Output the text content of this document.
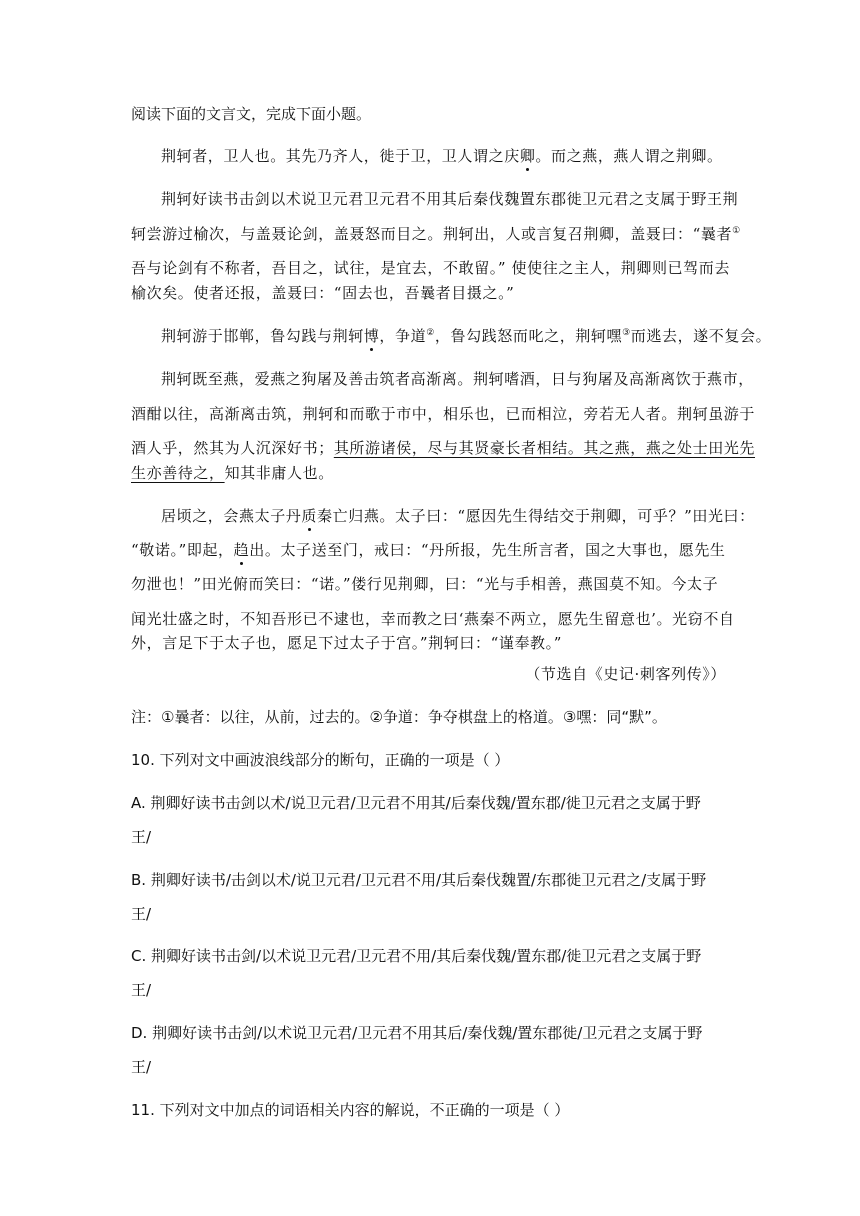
阅读下面的文言文，完成下面小题。
荆轲者，卫人也。其先乃齐人，徙于卫，卫人谓之庆卿。而之燕，燕人谓之荆卿。
荆轲好读书击剑以术说卫元君卫元君不用其后秦伐魏置东郡徙卫元君之支属于野王荆
轲尝游过榆次，与盖聂论剑，盖聂怒而目之。荆轲出，人或言复召荆卿，盖聂曰：“曩者①
吾与论剑有不称者，吾目之，试往，是宜去，不敢留。” 使使往之主人，荆卿则已驾而去
榆次矣。使者还报，盖聂曰：“固去也，吾曩者目摄之。”
荆轲游于邯郸，鲁勾践与荆轲博，争道②，鲁勾践怒而叱之，荆轲嘿③而逃去，遂不复会。
荆轲既至燕，爱燕之狗屠及善击筑者高渐离。荆轲嗜酒，日与狗屠及高渐离饮于燕市，
酒酣以往，高渐离击筑，荆轲和而歌于市中，相乐也，已而相泣，旁若无人者。荆轲虽游于
酒人乎，然其为人沉深好书；其所游诸侯，尽与其贤豪长者相结。其之燕，燕之处士田光先
生亦善待之，知其非庸人也。
居顷之，会燕太子丹质秦亡归燕。太子曰：“愿因先生得结交于荆卿，可乎？”田光曰：
“敬诺。”即起，趋出。太子送至门，戒曰：“丹所报，先生所言者，国之大事也，愿先生
勿泄也！”田光俯而笑曰：“诺。”偻行见荆卿，曰：“光与手相善，燕国莫不知。今太子
闻光壮盛之时，不知吾形已不逮也，幸而教之曰‘燕秦不两立，愿先生留意也’。光窃不自
外，言足下于太子也，愿足下过太子于宫。”荆轲曰：“谨奉教。”
（节选自《史记·刺客列传》）
注：①曩者：以往，从前，过去的。②争道：争夺棋盘上的格道。③嘿：同“默”。
10. 下列对文中画波浪线部分的断句，正确的一项是（ ）
A. 荆卿好读书击剑以术/说卫元君/卫元君不用其/后秦伐魏/置东郡/徙卫元君之支属于野
王/
B. 荆卿好读书/击剑以术/说卫元君/卫元君不用/其后秦伐魏置/东郡徙卫元君之/支属于野
王/
C. 荆卿好读书击剑/以术说卫元君/卫元君不用/其后秦伐魏/置东郡/徙卫元君之支属于野
王/
D. 荆卿好读书击剑/以术说卫元君/卫元君不用其后/秦伐魏/置东郡徙/卫元君之支属于野
王/
11. 下列对文中加点的词语相关内容的解说，不正确的一项是（ ）
